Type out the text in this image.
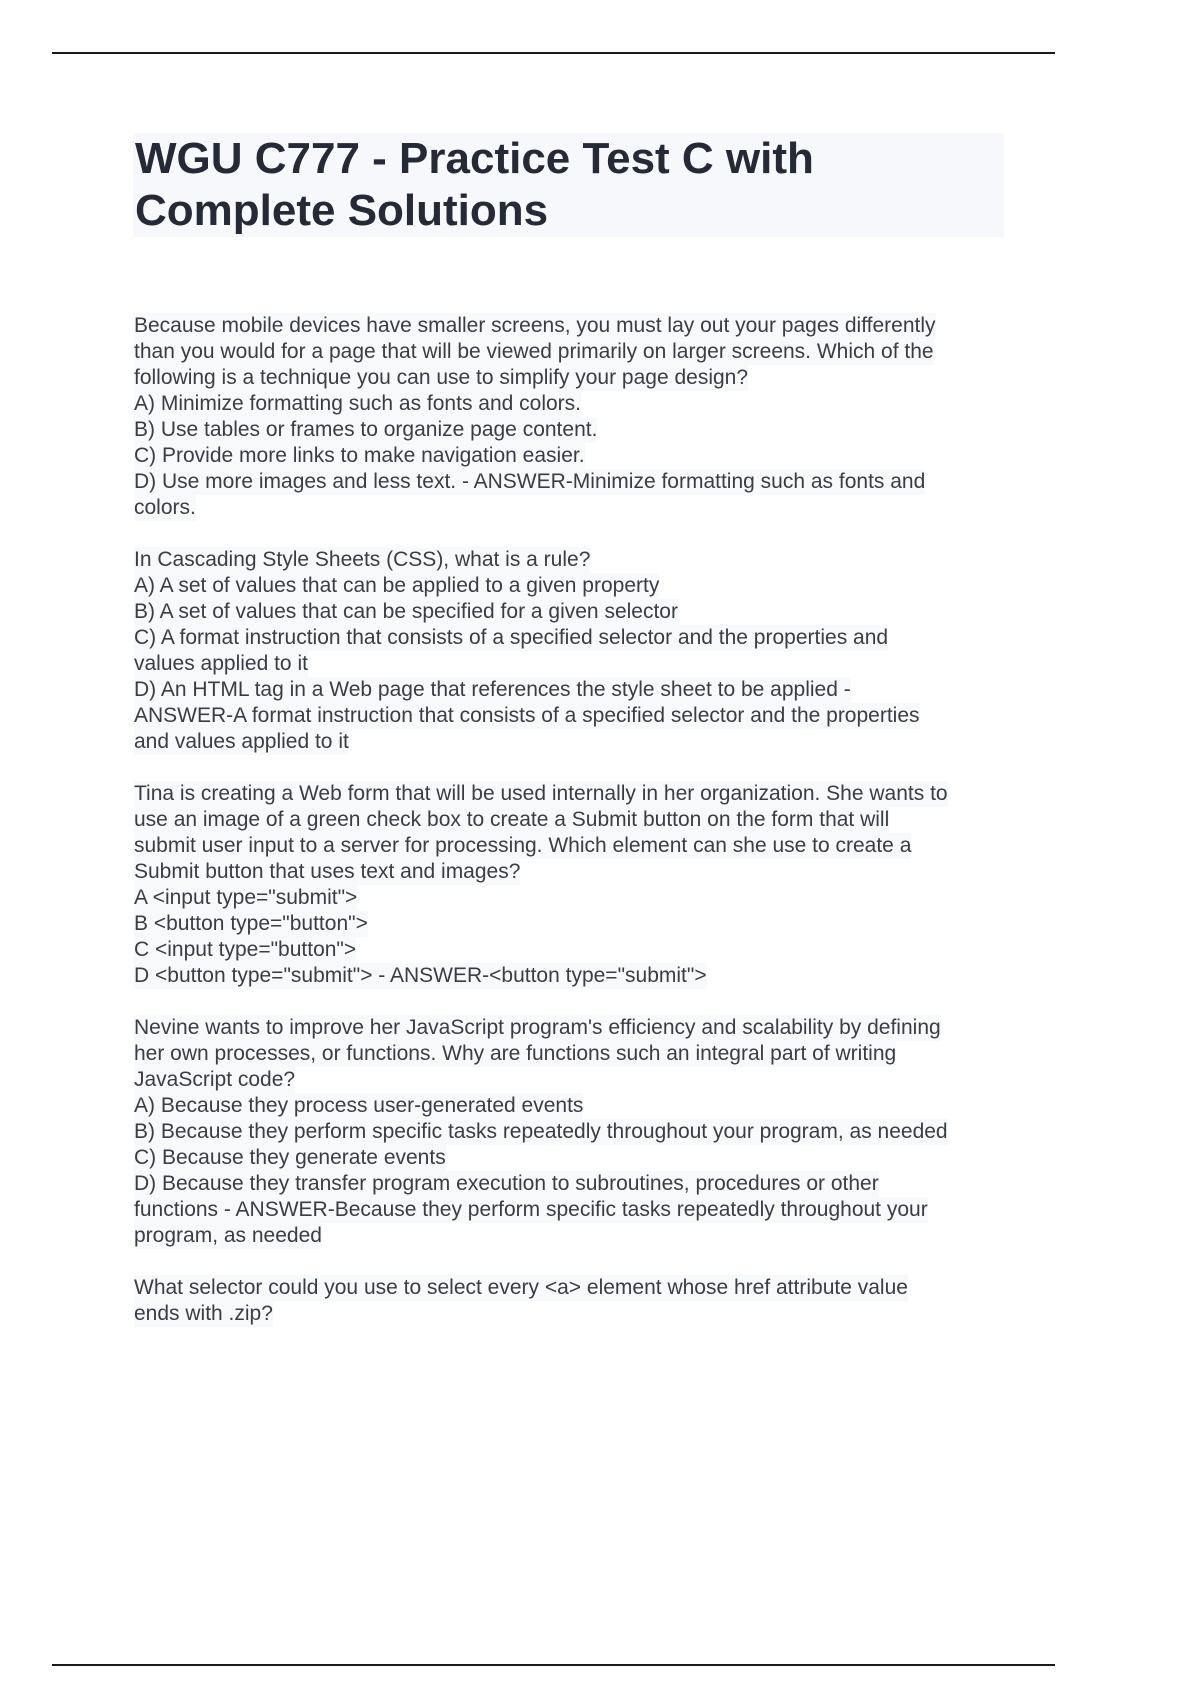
WGU C777 - Practice Test C with
Complete Solutions
Because mobile devices have smaller screens, you must lay out your pages differently
than you would for a page that will be viewed primarily on larger screens. Which of the
following is a technique you can use to simplify your page design?
A) Minimize formatting such as fonts and colors.
B) Use tables or frames to organize page content.
C) Provide more links to make navigation easier.
D) Use more images and less text. - ANSWER-Minimize formatting such as fonts and
colors.
In Cascading Style Sheets (CSS), what is a rule?
A) A set of values that can be applied to a given property
B) A set of values that can be specified for a given selector
C) A format instruction that consists of a specified selector and the properties and
values applied to it
D) An HTML tag in a Web page that references the style sheet to be applied -
ANSWER-A format instruction that consists of a specified selector and the properties
and values applied to it
Tina is creating a Web form that will be used internally in her organization. She wants to
use an image of a green check box to create a Submit button on the form that will
submit user input to a server for processing. Which element can she use to create a
Submit button that uses text and images?
A <input type="submit">
B <button type="button">
C <input type="button">
D <button type="submit"> - ANSWER-<button type="submit">
Nevine wants to improve her JavaScript program's efficiency and scalability by defining
her own processes, or functions. Why are functions such an integral part of writing
JavaScript code?
A) Because they process user-generated events
B) Because they perform specific tasks repeatedly throughout your program, as needed
C) Because they generate events
D) Because they transfer program execution to subroutines, procedures or other
functions - ANSWER-Because they perform specific tasks repeatedly throughout your
program, as needed
What selector could you use to select every <a> element whose href attribute value
ends with .zip?
